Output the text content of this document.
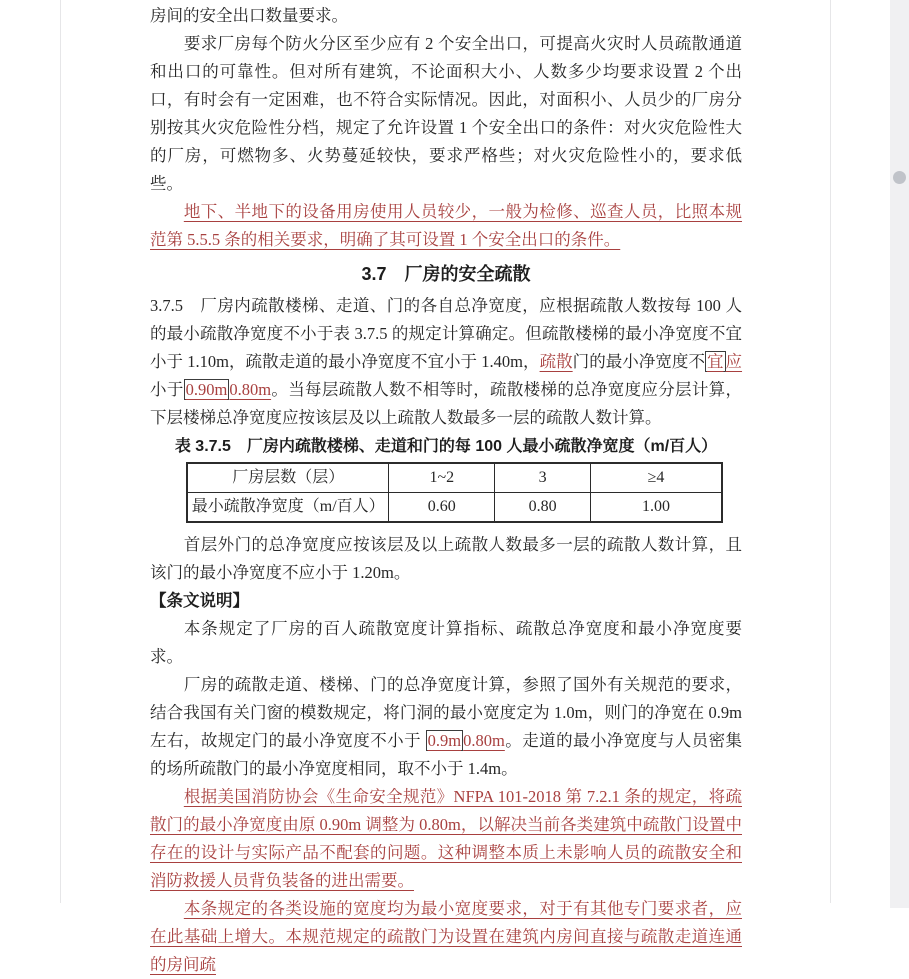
房间的安全出口数量要求。

要求厂房每个防火分区至少应有 2 个安全出口，可提高火灾时人员疏散通道和出口的可靠性。但对所有建筑，不论面积大小、人数多少均要求设置 2 个出口，有时会有一定困难，也不符合实际情况。因此，对面积小、人员少的厂房分别按其火灾危险性分档，规定了允许设置 1 个安全出口的条件：对火灾危险性大的厂房，可燃物多、火势蔓延较快，要求严格些；对火灾危险性小的，要求低些。

地下、半地下的设备用房使用人员较少，一般为检修、巡查人员，比照本规范第 5.5.5 条的相关要求，明确了其可设置 1 个安全出口的条件。

3.7　厂房的安全疏散

3.7.5　厂房内疏散楼梯、走道、门的各自总净宽度，应根据疏散人数按每 100 人的最小疏散净宽度不小于表 3.7.5 的规定计算确定。但疏散楼梯的最小净宽度不宜小于 1.10m，疏散走道的最小净宽度不宜小于 1.40m，疏散门的最小净宽度不 宜 应小于 0.90m 0.80m。当每层疏散人数不相等时，疏散楼梯的总净宽度应分层计算，下层楼梯总净宽度应按该层及以上疏散人数最多一层的疏散人数计算。

表 3.7.5　厂房内疏散楼梯、走道和门的每 100 人最小疏散净宽度（m/百人）
厂房层数（层）	1~2	3	≥4
最小疏散净宽度（m/百人）	0.60	0.80	1.00

首层外门的总净宽度应按该层及以上疏散人数最多一层的疏散人数计算，且该门的最小净宽度不应小于 1.20m。

【条文说明】

本条规定了厂房的百人疏散宽度计算指标、疏散总净宽度和最小净宽度要求。

厂房的疏散走道、楼梯、门的总净宽度计算，参照了国外有关规范的要求，结合我国有关门窗的模数规定，将门洞的最小宽度定为 1.0m，则门的净宽在 0.9m 左右，故规定门的最小净宽度不小于 0.9m 0.80m。走道的最小净宽度与人员密集的场所疏散门的最小净宽度相同，取不小于 1.4m。

根据美国消防协会《生命安全规范》NFPA 101-2018 第 7.2.1 条的规定，将疏散门的最小净宽度由原 0.90m 调整为 0.80m，以解决当前各类建筑中疏散门设置中存在的设计与实际产品不配套的问题。这种调整本质上未影响人员的疏散安全和消防救援人员背负装备的进出需要。

本条规定的各类设施的宽度均为最小宽度要求，对于有其他专门要求者，应在此基础上增大。本规范规定的疏散门为设置在建筑内房间直接与疏散走道连通的房间疏
